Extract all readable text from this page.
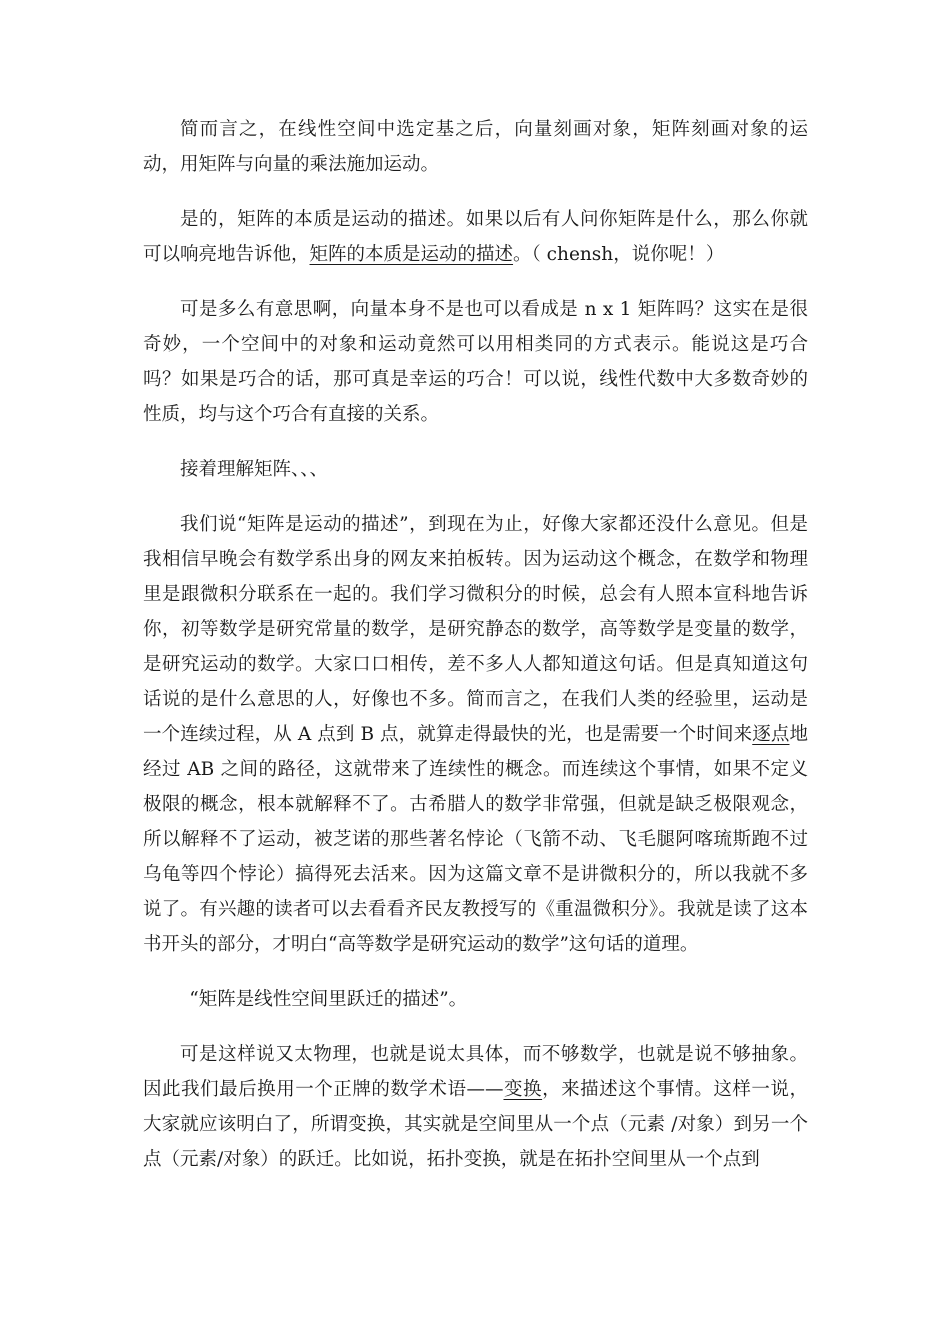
简而言之，在线性空间中选定基之后，向量刻画对象，矩阵刻画对象的运动，用矩阵与向量的乘法施加运动。

是的，矩阵的本质是运动的描述。如果以后有人问你矩阵是什么，那么你就可以响亮地告诉他，矩阵的本质是运动的描述。（ chensh，说你呢！）

可是多么有意思啊，向量本身不是也可以看成是 n x 1 矩阵吗？这实在是很奇妙，一个空间中的对象和运动竟然可以用相类同的方式表示。能说这是巧合吗？如果是巧合的话，那可真是幸运的巧合！可以说，线性代数中大多数奇妙的性质，均与这个巧合有直接的关系。

接着理解矩阵、、、

我们说“矩阵是运动的描述”，到现在为止，好像大家都还没什么意见。但是我相信早晚会有数学系出身的网友来拍板转。因为运动这个概念，在数学和物理里是跟微积分联系在一起的。我们学习微积分的时候，总会有人照本宣科地告诉你，初等数学是研究常量的数学，是研究静态的数学，高等数学是变量的数学，是研究运动的数学。大家口口相传，差不多人人都知道这句话。但是真知道这句话说的是什么意思的人，好像也不多。简而言之，在我们人类的经验里，运动是一个连续过程，从 A 点到 B 点，就算走得最快的光，也是需要一个时间来逐点地经过 AB 之间的路径，这就带来了连续性的概念。而连续这个事情，如果不定义极限的概念，根本就解释不了。古希腊人的数学非常强，但就是缺乏极限观念，所以解释不了运动，被芝诺的那些著名悖论（飞箭不动、飞毛腿阿喀琉斯跑不过乌龟等四个悖论）搞得死去活来。因为这篇文章不是讲微积分的，所以我就不多说了。有兴趣的读者可以去看看齐民友教授写的《重温微积分》。我就是读了这本书开头的部分，才明白“高等数学是研究运动的数学”这句话的道理。

“矩阵是线性空间里跃迁的描述”。

可是这样说又太物理，也就是说太具体，而不够数学，也就是说不够抽象。因此我们最后换用一个正牌的数学术语——变换，来描述这个事情。这样一说，大家就应该明白了，所谓变换，其实就是空间里从一个点（元素 /对象）到另一个点（元素/对象）的跃迁。比如说，拓扑变换，就是在拓扑空间里从一个点到
